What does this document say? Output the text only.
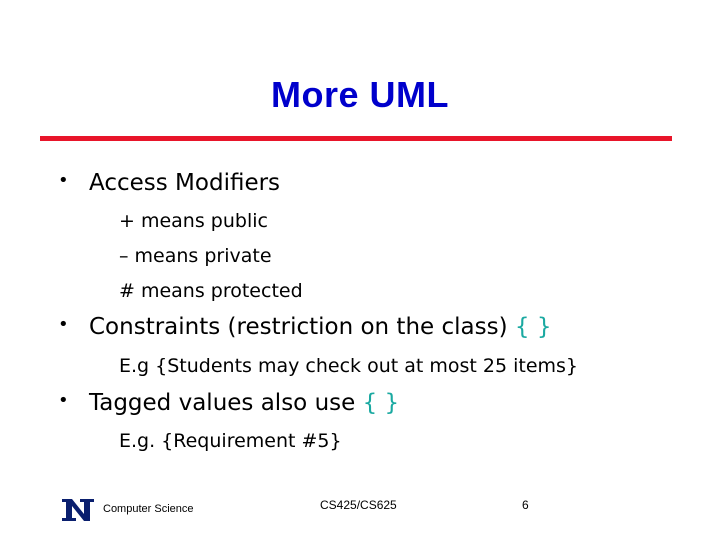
More UML
• Access Modifiers
+ means public
– means private
# means protected
• Constraints (restriction on the class) { }
E.g {Students may check out at most 25 items}
• Tagged values also use { }
E.g. {Requirement #5}
Computer Science	CS425/CS625	6
